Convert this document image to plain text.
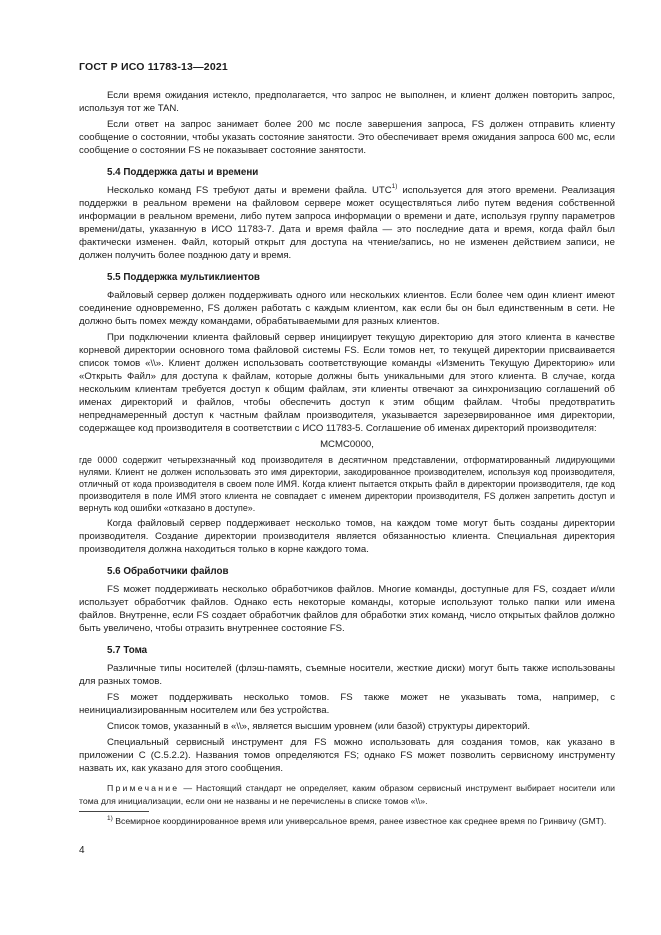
ГОСТ Р ИСО 11783-13—2021

Если время ожидания истекло, предполагается, что запрос не выполнен, и клиент должен повторить запрос, используя тот же TAN.

Если ответ на запрос занимает более 200 мс после завершения запроса, FS должен отправить клиенту сообщение о состоянии, чтобы указать состояние занятости. Это обеспечивает время ожидания запроса 600 мс, если сообщение о состоянии FS не показывает состояние занятости.

5.4 Поддержка даты и времени

Несколько команд FS требуют даты и времени файла. UTC$^{1)}$ используется для этого времени. Реализация поддержки в реальном времени на файловом сервере может осуществляться либо путем ведения собственной информации в реальном времени, либо путем запроса информации о времени и дате, используя группу параметров времени/даты, указанную в ИСО 11783-7. Дата и время файла — это последние дата и время, когда файл был фактически изменен. Файл, который открыт для доступа на чтение/запись, но не изменен действием записи, не должен получить более позднюю дату и время.

5.5 Поддержка мультиклиентов

Файловый сервер должен поддерживать одного или нескольких клиентов. Если более чем один клиент имеют соединение одновременно, FS должен работать с каждым клиентом, как если бы он был единственным в сети. Не должно быть помех между командами, обрабатываемыми для разных клиентов.

При подключении клиента файловый сервер инициирует текущую директорию для этого клиента в качестве корневой директории основного тома файловой системы FS. Если томов нет, то текущей директории присваивается список томов «\\». Клиент должен использовать соответствующие команды «Изменить Текущую Директорию» или «Открыть Файл» для доступа к файлам, которые должны быть уникальными для этого клиента. В случае, когда нескольким клиентам требуется доступ к общим файлам, эти клиенты отвечают за синхронизацию соглашений об именах директорий и файлов, чтобы обеспечить доступ к этим общим файлам. Чтобы предотвратить непреднамеренный доступ к частным файлам производителя, указывается зарезервированное имя директории, содержащее код производителя в соответствии с ИСО 11783-5. Соглашение об именах директорий производителя:

MCMC0000,

где 0000 содержит четырехзначный код производителя в десятичном представлении, отформатированный лидирующими нулями. Клиент не должен использовать это имя директории, закодированное производителем, используя код производителя, отличный от кода производителя в своем поле ИМЯ. Когда клиент пытается открыть файл в директории производителя, где код производителя в поле ИМЯ этого клиента не совпадает с именем директории производителя, FS должен запретить доступ и вернуть код ошибки «отказано в доступе».

Когда файловый сервер поддерживает несколько томов, на каждом томе могут быть созданы директории производителя. Создание директории производителя является обязанностью клиента. Специальная директория производителя должна находиться только в корне каждого тома.

5.6 Обработчики файлов

FS может поддерживать несколько обработчиков файлов. Многие команды, доступные для FS, создает и/или использует обработчик файлов. Однако есть некоторые команды, которые используют только папки или имена файлов. Внутренне, если FS создает обработчик файлов для обработки этих команд, число открытых файлов должно быть увеличено, чтобы отразить внутреннее состояние FS.

5.7 Тома

Различные типы носителей (флэш-память, съемные носители, жесткие диски) могут быть также использованы для разных томов.

FS может поддерживать несколько томов. FS также может не указывать тома, например, с неинициализированным носителем или без устройства.

Список томов, указанный в «\\», является высшим уровнем (или базой) структуры директорий.

Специальный сервисный инструмент для FS можно использовать для создания томов, как указано в приложении С (С.5.2.2). Названия томов определяются FS; однако FS может позволить сервисному инструменту назвать их, как указано для этого сообщения.

Примечание — Настоящий стандарт не определяет, каким образом сервисный инструмент выбирает носители или тома для инициализации, если они не названы и не перечислены в списке томов «\\».

$^{1)}$ Всемирное координированное время или универсальное время, ранее известное как среднее время по Гринвичу (GMT).

4
